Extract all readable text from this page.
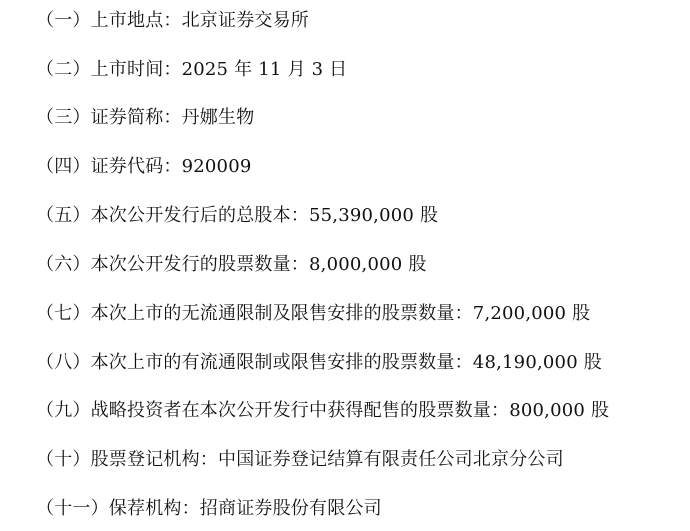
（一）上市地点：北京证券交易所
（二）上市时间：2025 年 11 月 3 日
（三）证券简称：丹娜生物
（四）证券代码：920009
（五）本次公开发行后的总股本：55,390,000 股
（六）本次公开发行的股票数量：8,000,000 股
（七）本次上市的无流通限制及限售安排的股票数量：7,200,000 股
（八）本次上市的有流通限制或限售安排的股票数量：48,190,000 股
（九）战略投资者在本次公开发行中获得配售的股票数量：800,000 股
（十）股票登记机构：中国证券登记结算有限责任公司北京分公司
（十一）保荐机构：招商证券股份有限公司
